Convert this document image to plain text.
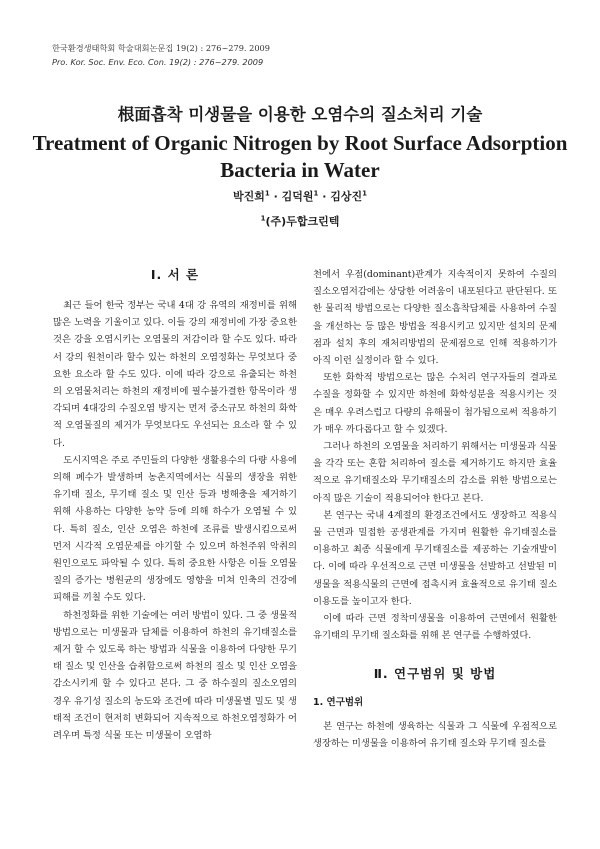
한국환경생태학회 학술대회논문집 19(2) : 276~279. 2009
Pro. Kor. Soc. Env. Eco. Con. 19(2) : 276~279. 2009
根面흡착 미생물을 이용한 오염수의 질소처리 기술
Treatment of Organic Nitrogen by Root Surface Adsorption Bacteria in Water
박진희$^1$ · 김덕원$^1$ · 김상진$^1$
$^1$(주)두합크린텍
Ⅰ. 서 론

최근 들어 한국 정부는 국내 4대 강 유역의 재정비를 위해 많은 노력을 기울이고 있다. 이들 강의 재정비에 가장 중요한 것은 강을 오염시키는 오염물의 저감이라 할 수도 있다. 따라서 강의 원천이라 할수 있는 하천의 오염정화는 무엇보다 중요한 요소라 할 수도 있다. 이에 따라 강으로 유출되는 하천의 오염물처리는 하천의 재정비에 필수불가결한 항목이라 생각되며 4대강의 수질오염 방지는 먼저 중소규모 하천의 화학적 오염물질의 제거가 무엇보다도 우선되는 요소라 할 수 있다.

도시지역은 주로 주민들의 다양한 생활용수의 다량 사용에 의해 폐수가 발생하며 농촌지역에서는 식물의 생장을 위한 유기태 질소, 무기태 질소 및 인산 등과 병해충을 제거하기 위해 사용하는 다양한 농약 등에 의해 하수가 오염될 수 있다. 특히 질소, 인산 오염은 하천에 조류를 발생시킴으로써 먼저 시각적 오염문제를 야기할 수 있으며 하천주위 악취의 원인으로도 파악될 수 있다. 특히 중요한 사항은 이들 오염물질의 증가는 병원균의 생장에도 영향을 미쳐 인축의 건강에 피해를 끼칠 수도 있다.

하천정화를 위한 기술에는 여러 방법이 있다. 그 중 생물적 방법으로는 미생물과 담체를 이용하여 하천의 유기태질소를 제거 할 수 있도록 하는 방법과 식물을 이용하여 다양한 무기태 질소 및 인산을 습취함으로써 하천의 질소 및 인산 오염을 감소시키게 할 수 있다고 본다. 그 중 하수질의 질소오염의 경우 유기성 질소의 농도와 조건에 따라 미생물별 밀도 및 생태적 조건이 현저히 변화되어 지속적으로 하천오염정화가 어려우며 특정 식물 또는 미생물이 오염하

천에서 우점(dominant)관계가 지속적이지 못하여 수질의 질소오염저감에는 상당한 어려움이 내포된다고 판단된다. 또한 물리적 방법으로는 다양한 질소흡착담체를 사용하여 수질을 개선하는 등 많은 방법을 적용시키고 있지만 설치의 문제점과 설치 후의 재처리방법의 문제점으로 인해 적용하기가 아직 이런 실정이라 할 수 있다.

또한 화학적 방법으로는 많은 수처리 연구자들의 결과로 수질을 정화할 수 있지만 하천에 화학성분을 적용시키는 것은 매우 우려스럽고 다량의 유해물이 첨가됨으로써 적용하기가 매우 까다롭다고 할 수 있겠다.

그러나 하천의 오염물을 처리하기 위해서는 미생물과 식물을 각각 또는 혼합 처리하여 질소를 제거하기도 하지만 효율적으로 유기태질소와 무기태질소의 감소를 위한 방법으로는 아직 많은 기술이 적용되어야 한다고 본다.

본 연구는 국내 4계절의 환경조건에서도 생장하고 적용식물 근면과 밀접한 공생관계를 가지며 원활한 유기태질소를 이용하고 최종 식물에게 무기태질소를 제공하는 기술개발이다. 이에 따라 우선적으로 근면 미생물을 선발하고 선발된 미생물을 적용식물의 근면에 접촉시켜 효율적으로 유기태 질소 이용도를 높이고자 한다.

이에 따라 근면 정착미생물을 이용하여 근면에서 원활한 유기태의 무기태 질소화를 위해 본 연구를 수행하였다.

Ⅱ. 연구범위 및 방법
1. 연구범위

본 연구는 하천에 생육하는 식물과 그 식물에 우점적으로 생장하는 미생물을 이용하여 유기태 질소와 무기태 질소를
